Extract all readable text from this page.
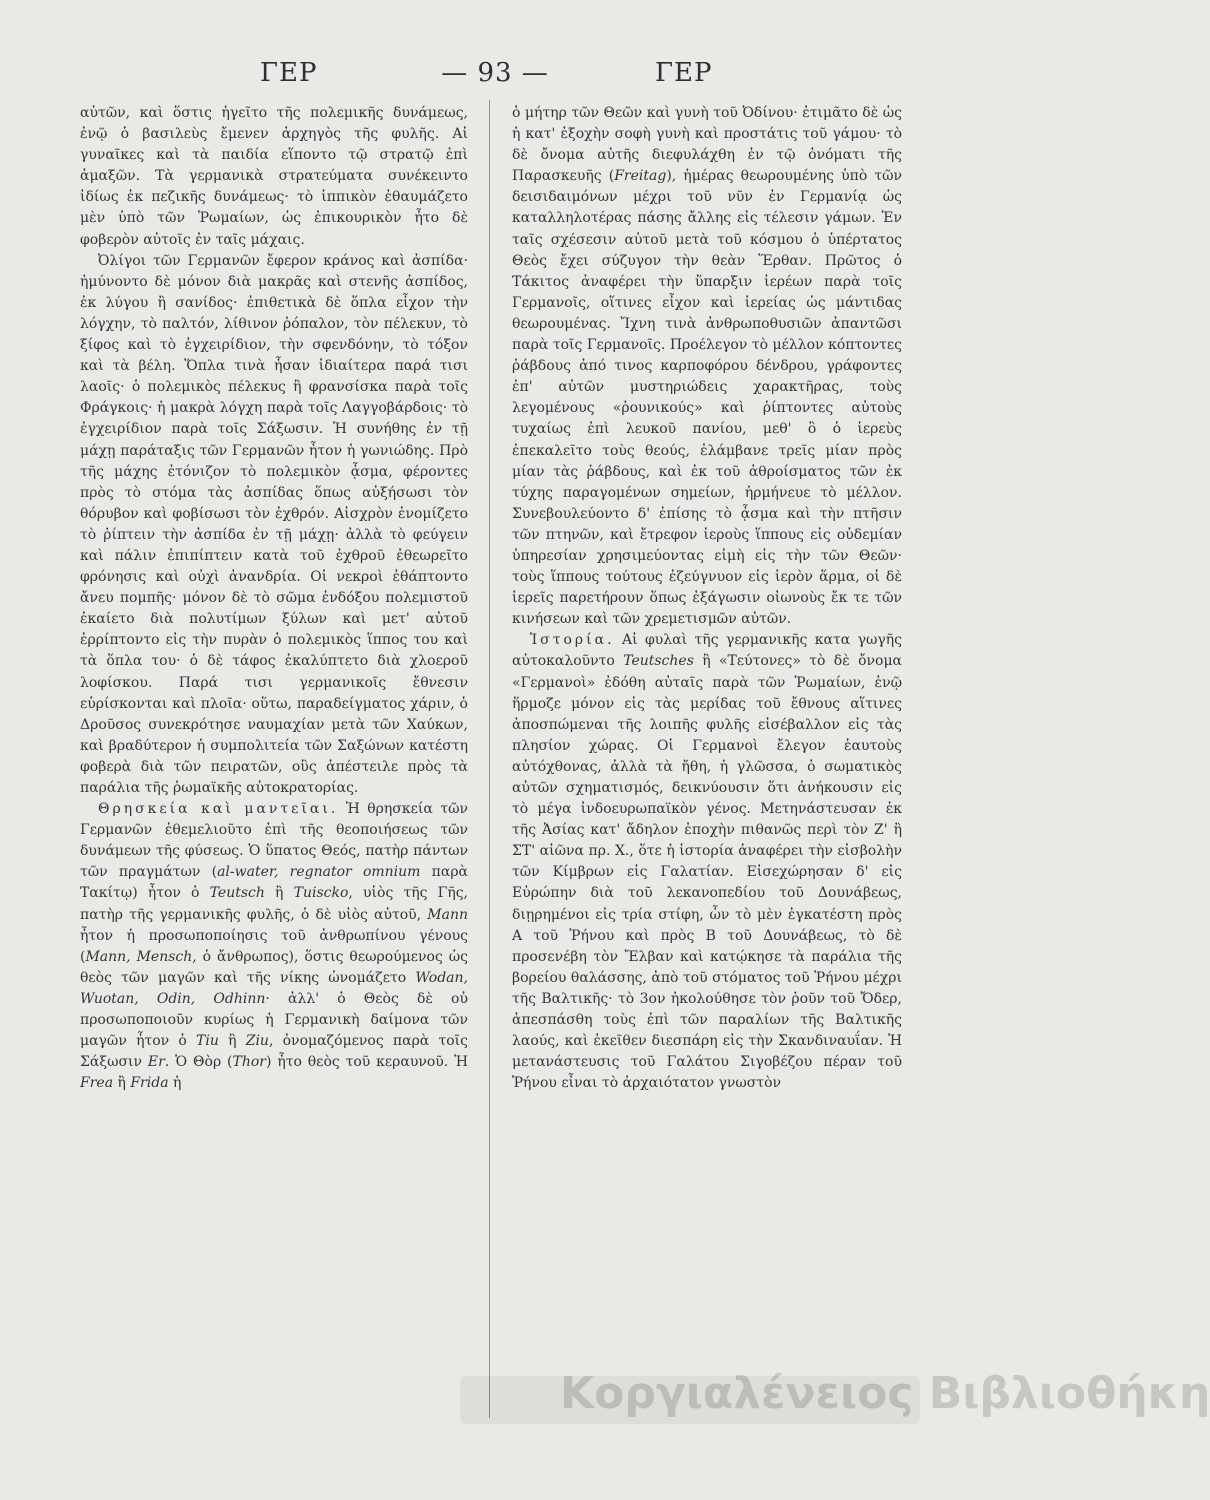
ΓΕΡ	— 93 —	ΓΕΡ

αὐτῶν, καὶ ὅστις ἡγεῖτο τῆς πολεμικῆς δυνάμεως, ἐνῷ ὁ βασιλεὺς ἔμενεν ἀρχηγὸς τῆς φυλῆς. Αἱ γυναῖκες καὶ τὰ παιδία εἵποντο τῷ στρατῷ ἐπὶ ἁμαξῶν. Τὰ γερμανικὰ στρατεύματα συνέκειντο ἰδίως ἐκ πεζικῆς δυνάμεως· τὸ ἱππικὸν ἐθαυμάζετο μὲν ὑπὸ τῶν Ῥωμαίων, ὡς ἐπικουρικὸν ἦτο δὲ φοβερὸν αὐτοῖς ἐν ταῖς μάχαις.

Ὀλίγοι τῶν Γερμανῶν ἔφερον κράνος καὶ ἀσπίδα· ἠμύνοντο δὲ μόνον διὰ μακρᾶς καὶ στενῆς ἀσπίδος, ἐκ λύγου ἢ σανίδος· ἐπιθετικὰ δὲ ὅπλα εἶχον τὴν λόγχην, τὸ παλτόν, λίθινον ῥόπαλον, τὸν πέλεκυν, τὸ ξίφος καὶ τὸ ἐγχειρίδιον, τὴν σφενδόνην, τὸ τόξον καὶ τὰ βέλη. Ὅπλα τινὰ ἦσαν ἰδιαίτερα παρά τισι λαοῖς· ὁ πολεμικὸς πέλεκυς ἢ φρανσίσκα παρὰ τοῖς Φράγκοις· ἡ μακρὰ λόγχη παρὰ τοῖς Λαγγοβάρδοις· τὸ ἐγχειρίδιον παρὰ τοῖς Σάξωσιν. Ἡ συνήθης ἐν τῇ μάχῃ παράταξις τῶν Γερμανῶν ἦτον ἡ γωνιώδης. Πρὸ τῆς μάχης ἐτόνιζον τὸ πολεμικὸν ᾆσμα, φέροντες πρὸς τὸ στόμα τὰς ἀσπίδας ὅπως αὐξήσωσι τὸν θόρυβον καὶ φοβίσωσι τὸν ἐχθρόν. Αἰσχρὸν ἐνομίζετο τὸ ῥίπτειν τὴν ἀσπίδα ἐν τῇ μάχῃ· ἀλλὰ τὸ φεύγειν καὶ πάλιν ἐπιπίπτειν κατὰ τοῦ ἐχθροῦ ἐθεωρεῖτο φρόνησις καὶ οὐχὶ ἀνανδρία. Οἱ νεκροὶ ἐθάπτοντο ἄνευ πομπῆς· μόνον δὲ τὸ σῶμα ἐνδόξου πολεμιστοῦ ἐκαίετο διὰ πολυτίμων ξύλων καὶ μετ' αὐτοῦ ἐρρίπτοντο εἰς τὴν πυρὰν ὁ πολεμικὸς ἵππος του καὶ τὰ ὅπλα του· ὁ δὲ τάφος ἐκαλύπτετο διὰ χλοεροῦ λοφίσκου. Παρά τισι γερμανικοῖς ἔθνεσιν εὑρίσκονται καὶ πλοῖα· οὕτω, παραδείγματος χάριν, ὁ Δροῦσος συνεκρότησε ναυμαχίαν μετὰ τῶν Χαύκων, καὶ βραδύτερον ἡ συμπολιτεία τῶν Σαξώνων κατέστη φοβερὰ διὰ τῶν πειρατῶν, οὓς ἀπέστειλε πρὸς τὰ παράλια τῆς ῥωμαϊκῆς αὐτοκρατορίας.

Θρησκεία καὶ μαντεῖαι. Ἡ θρησκεία τῶν Γερμανῶν ἐθεμελιοῦτο ἐπὶ τῆς θεοποιήσεως τῶν δυνάμεων τῆς φύσεως. Ὁ ὕπατος Θεός, πατὴρ πάντων τῶν πραγμάτων (al-water, regnator omnium παρὰ Τακίτῳ) ἦτον ὁ Teutsch ἢ Tuiscko, υἱὸς τῆς Γῆς, πατὴρ τῆς γερμανικῆς φυλῆς, ὁ δὲ υἱὸς αὐτοῦ, Mann ἦτον ἡ προσωποποίησις τοῦ ἀνθρωπίνου γένους (Mann, Mensch, ὁ ἄνθρωπος), ὅστις θεωρούμενος ὡς θεὸς τῶν μαγῶν καὶ τῆς νίκης ὠνομάζετο Wodan, Wuotan, Odin, Odhinn· ἀλλ' ὁ Θεὸς δὲ οὐ προσωποποιοῦν κυρίως ἡ Γερμανικὴ δαίμονα τῶν μαγῶν ἦτον ὁ Tiu ἢ Ziu, ὀνομαζόμενος παρὰ τοῖς Σάξωσιν Er. Ὁ Θὸρ (Thor) ἦτο θεὸς τοῦ κεραυνοῦ. Ἡ Frea ἢ Frida ἡ

ὁ μήτηρ τῶν Θεῶν καὶ γυνὴ τοῦ Ὀδίνου· ἐτιμᾶτο δὲ ὡς ἡ κατ' ἐξοχὴν σοφὴ γυνὴ καὶ προστάτις τοῦ γάμου· τὸ δὲ ὄνομα αὐτῆς διεφυλάχθη ἐν τῷ ὀνόματι τῆς Παρασκευῆς (Freitag), ἡμέρας θεωρουμένης ὑπὸ τῶν δεισιδαιμόνων μέχρι τοῦ νῦν ἐν Γερμανίᾳ ὡς καταλληλοτέρας πάσης ἄλλης εἰς τέλεσιν γάμων. Ἐν ταῖς σχέσεσιν αὐτοῦ μετὰ τοῦ κόσμου ὁ ὑπέρτατος Θεὸς ἔχει σύζυγον τὴν θεὰν Ἕρθαν. Πρῶτος ὁ Τάκιτος ἀναφέρει τὴν ὕπαρξιν ἱερέων παρὰ τοῖς Γερμανοῖς, οἵτινες εἶχον καὶ ἱερείας ὡς μάντιδας θεωρουμένας. Ἴχνη τινὰ ἀνθρωποθυσιῶν ἀπαντῶσι παρὰ τοῖς Γερμανοῖς. Προέλεγον τὸ μέλλον κόπτοντες ῥάβδους ἀπό τινος καρποφόρου δένδρου, γράφοντες ἐπ' αὐτῶν μυστηριώδεις χαρακτῆρας, τοὺς λεγομένους «ῥουνικούς» καὶ ῥίπτοντες αὐτοὺς τυχαίως ἐπὶ λευκοῦ πανίου, μεθ' ὃ ὁ ἱερεὺς ἐπεκαλεῖτο τοὺς θεούς, ἐλάμβανε τρεῖς μίαν πρὸς μίαν τὰς ῥάβδους, καὶ ἐκ τοῦ ἀθροίσματος τῶν ἐκ τύχης παραγομένων σημείων, ἡρμήνευε τὸ μέλλον. Συνεβουλεύοντο δ' ἐπίσης τὸ ᾆσμα καὶ τὴν πτῆσιν τῶν πτηνῶν, καὶ ἔτρεφον ἱεροὺς ἵππους εἰς οὐδεμίαν ὑπηρεσίαν χρησιμεύοντας εἰμὴ εἰς τὴν τῶν Θεῶν· τοὺς ἵππους τούτους ἐζεύγνυον εἰς ἱερὸν ἅρμα, οἱ δὲ ἱερεῖς παρετήρουν ὅπως ἐξάγωσιν οἰωνοὺς ἔκ τε τῶν κινήσεων καὶ τῶν χρεμετισμῶν αὐτῶν.

Ἱστορία. Αἱ φυλαὶ τῆς γερμανικῆς κατα γωγῆς αὐτοκαλοῦντο Teutsches ἢ «Τεύτονες» τὸ δὲ ὄνομα «Γερμανοὶ» ἐδόθη αὐταῖς παρὰ τῶν Ῥωμαίων, ἐνῷ ἥρμοζε μόνον εἰς τὰς μερίδας τοῦ ἔθνους αἵτινες ἀποσπώμεναι τῆς λοιπῆς φυλῆς εἰσέβαλλον εἰς τὰς πλησίον χώρας. Οἱ Γερμανοὶ ἔλεγον ἑαυτοὺς αὐτόχθονας, ἀλλὰ τὰ ἤθη, ἡ γλῶσσα, ὁ σωματικὸς αὐτῶν σχηματισμός, δεικνύουσιν ὅτι ἀνήκουσιν εἰς τὸ μέγα ἰνδοευρωπαϊκὸν γένος. Μετηνάστευσαν ἐκ τῆς Ἀσίας κατ' ἄδηλον ἐποχὴν πιθανῶς περὶ τὸν Ζ' ἢ ΣΤ' αἰῶνα πρ. Χ., ὅτε ἡ ἱστορία ἀναφέρει τὴν εἰσβολὴν τῶν Κίμβρων εἰς Γαλατίαν. Εἰσεχώρησαν δ' εἰς Εὐρώπην διὰ τοῦ λεκανοπεδίου τοῦ Δουνάβεως, διῃρημένοι εἰς τρία στίφη, ὧν τὸ μὲν ἐγκατέστη πρὸς Α τοῦ Ῥήνου καὶ πρὸς Β τοῦ Δουνάβεως, τὸ δὲ προσενέβη τὸν Ἔλβαν καὶ κατῴκησε τὰ παράλια τῆς βορείου θαλάσσης, ἀπὸ τοῦ στόματος τοῦ Ῥήνου μέχρι τῆς Βαλτικῆς· τὸ 3ον ἠκολούθησε τὸν ῥοῦν τοῦ Ὄδερ, ἀπεσπάσθη τοὺς ἐπὶ τῶν παραλίων τῆς Βαλτικῆς λαούς, καὶ ἐκεῖθεν διεσπάρη εἰς τὴν Σκανδιναυΐαν. Ἡ μετανάστευσις τοῦ Γαλάτου Σιγοβέζου πέραν τοῦ Ῥήνου εἶναι τὸ ἀρχαιότατον γνωστὸν

Κοργιαλένειος Βιβλιοθήκη
